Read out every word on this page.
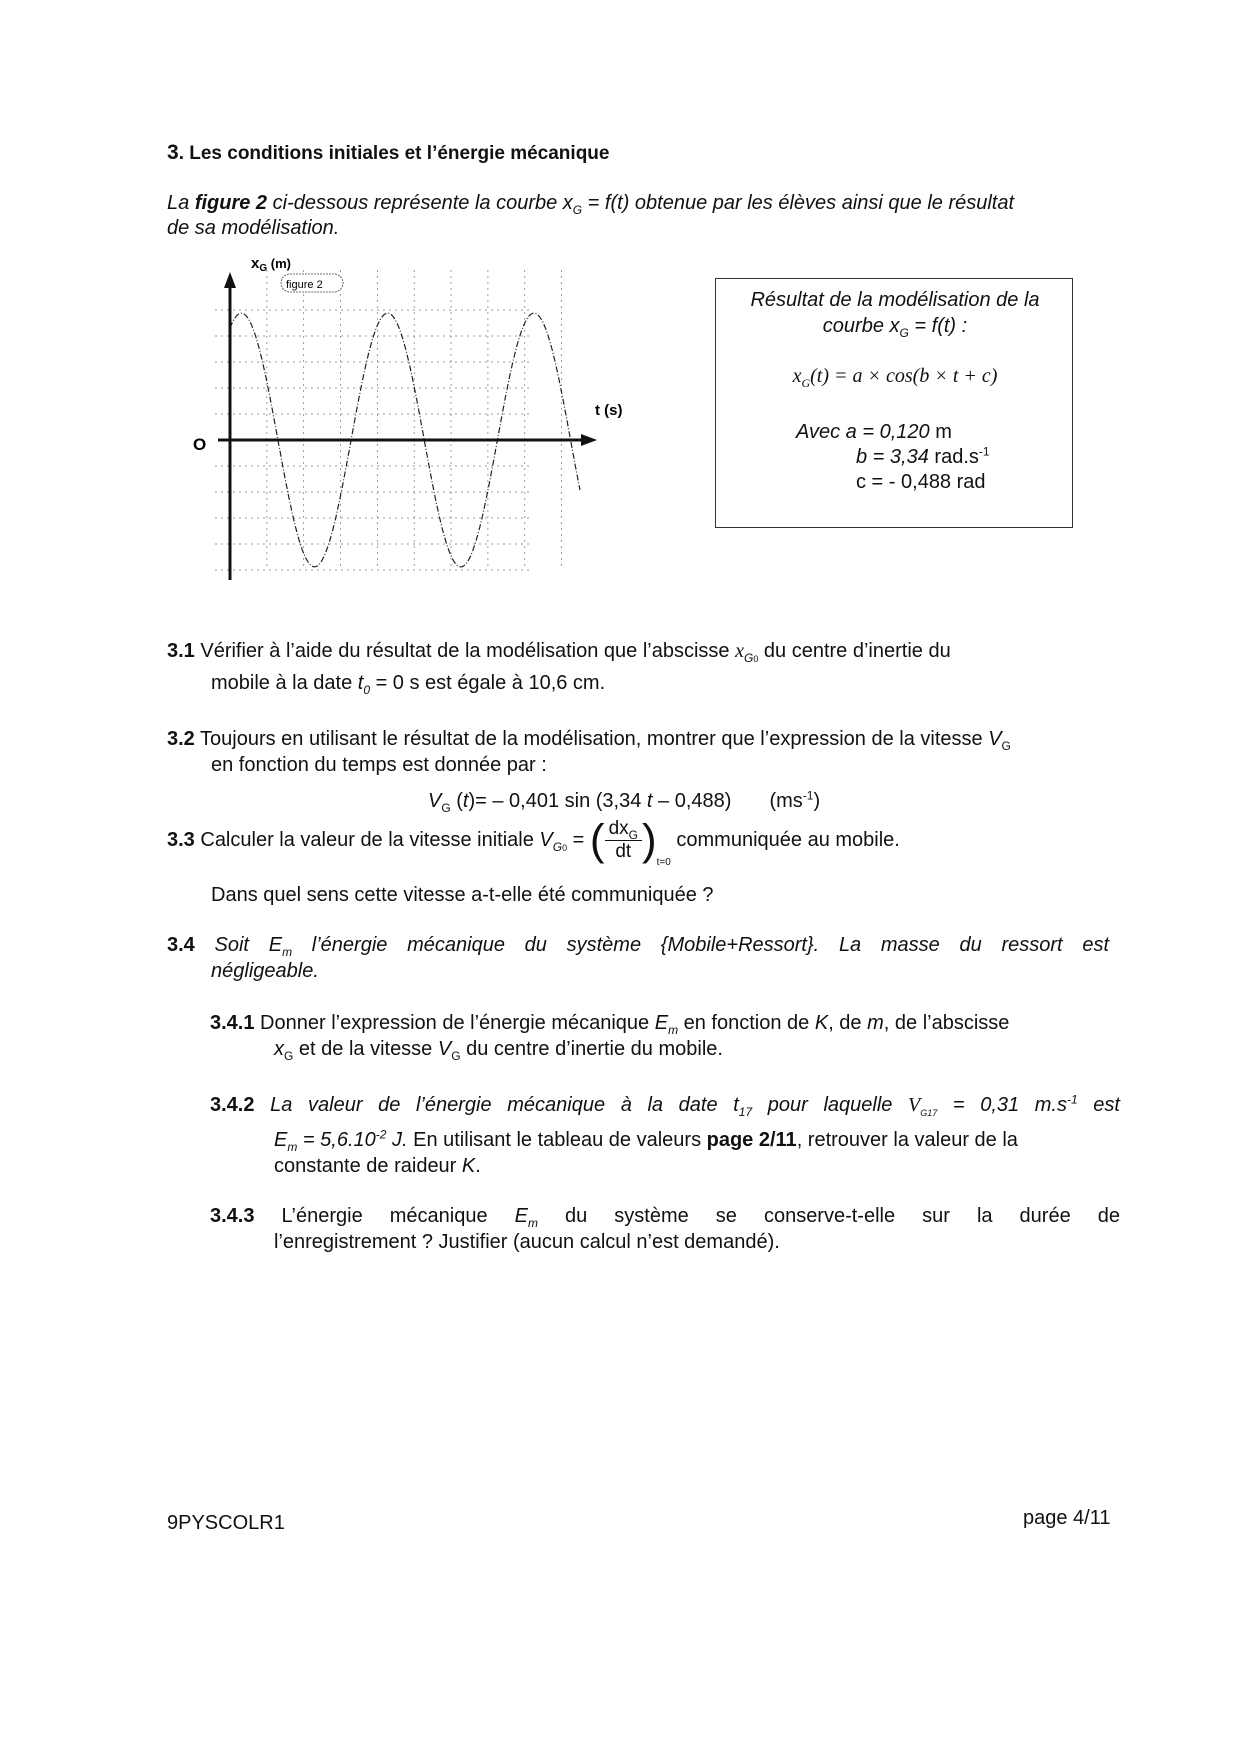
3. Les conditions initiales et l’énergie mécanique
La figure 2 ci-dessous représente la courbe $x_G = f(t)$ obtenue par les élèves ainsi que le résultat
de sa modélisation.
$x_G$ (m)
t (s)
O
figure 2
Résultat de la modélisation de la
courbe $x_G = f(t)$ :
$x_G(t) = a \times \cos(b \times t + c)$
Avec a = 0,120 m
b = 3,34 $rad.s^{-1}$
c = - 0,488 rad
3.1 Vérifier à l’aide du résultat de la modélisation que l’abscisse $x_{G0}$ du centre d’inertie du
mobile à la date $t_0 = 0$ s est égale à 10,6 cm.
3.2 Toujours en utilisant le résultat de la modélisation, montrer que l’expression de la vitesse $V_G$
en fonction du temps est donnée par :
$V_G$ (t)= – 0,401 sin (3,34 t – 0,488) $(ms^{-1})$
3.3 Calculer la valeur de la vitesse initiale $V_{G0}$ = ( $\frac{dx_G}{dt} )_{t=0}$ communiquée au mobile.
Dans quel sens cette vitesse a-t-elle été communiquée ?
3.4 Soit $E_m$ l’énergie mécanique du système {Mobile+Ressort}. La masse du ressort est
négligeable.
3.4.1 Donner l’expression de l’énergie mécanique $E_m$ en fonction de K, de m, de l’abscisse
$x_G$ et de la vitesse $V_G$ du centre d’inertie du mobile.
3.4.2 La valeur de l’énergie mécanique à la date $t_{17}$ pour laquelle $V_{G17} = 0,31$ $m.s^{-1}$ est
$E_m = 5,6.10^{-2}$ J. En utilisant le tableau de valeurs page 2/11, retrouver la valeur de la
constante de raideur K.
3.4.3 L’énergie mécanique $E_m$ du système se conserve-t-elle sur la durée de
l’enregistrement ? Justifier (aucun calcul n’est demandé).
9PYSCOLR1	page 4/11
